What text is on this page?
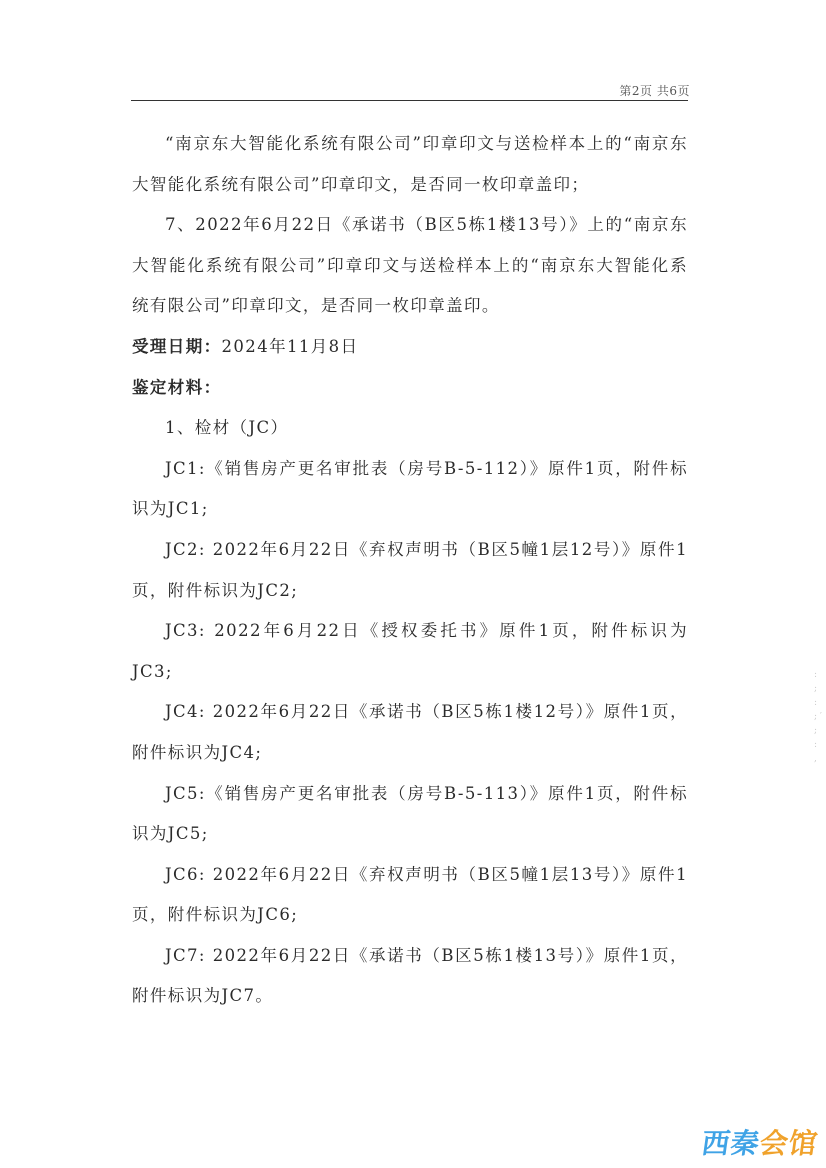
第2页 共6页

“南京东大智能化系统有限公司”印章印文与送检样本上的“南京东大智能化系统有限公司”印章印文，是否同一枚印章盖印；

7、2022年6月22日《承诺书（B区5栋1楼13号）》上的“南京东大智能化系统有限公司”印章印文与送检样本上的“南京东大智能化系统有限公司”印章印文，是否同一枚印章盖印。

受理日期：2024年11月8日

鉴定材料：

1、检材（JC）

JC1:《销售房产更名审批表（房号B-5-112）》原件1页，附件标识为JC1;

JC2: 2022年6月22日《弃权声明书（B区5幢1层12号）》原件1页，附件标识为JC2;

JC3: 2022年6月22日《授权委托书》原件1页，附件标识为JC3;

JC4: 2022年6月22日《承诺书（B区5栋1楼12号）》原件1页，附件标识为JC4;

JC5:《销售房产更名审批表（房号B-5-113）》原件1页，附件标识为JC5;

JC6: 2022年6月22日《弃权声明书（B区5幢1层13号）》原件1页，附件标识为JC6;

JC7: 2022年6月22日《承诺书（B区5栋1楼13号）》原件1页，附件标识为JC7。

: ; : ; ′ ; : ,
西秦会馆
